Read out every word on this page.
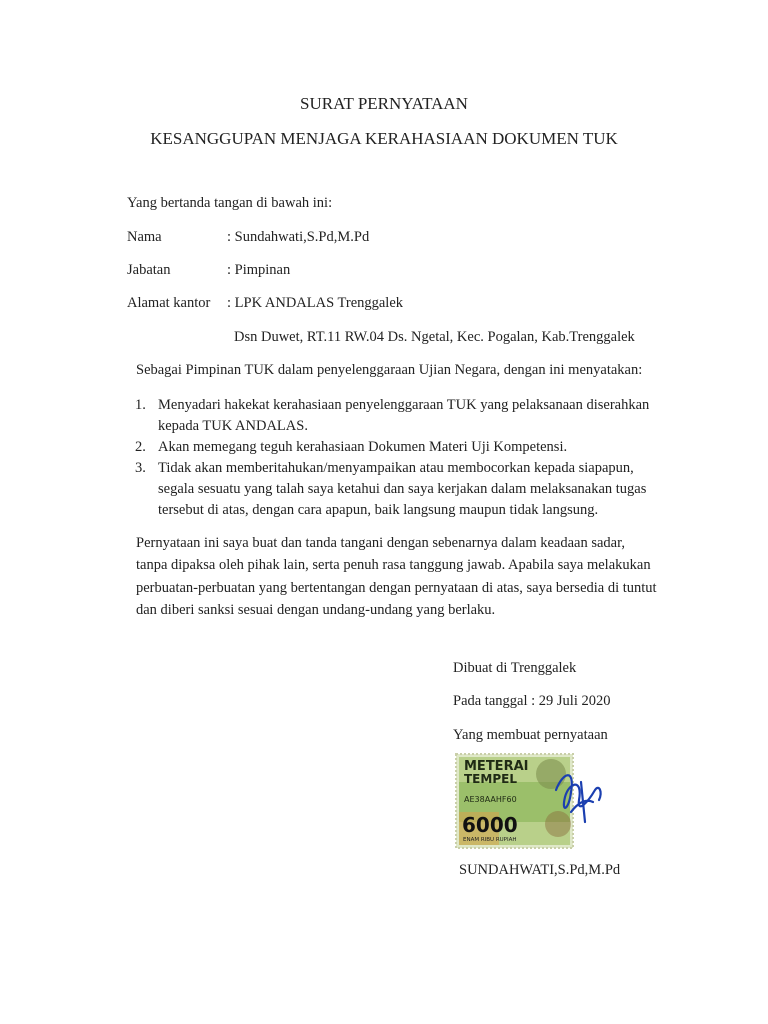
SURAT PERNYATAAN
KESANGGUPAN MENJAGA KERAHASIAAN DOKUMEN TUK
Yang bertanda tangan di bawah ini:
Nama	: Sundahwati,S.Pd,M.Pd
Jabatan	: Pimpinan
Alamat kantor : LPK ANDALAS Trenggalek
Dsn Duwet, RT.11 RW.04 Ds. Ngetal, Kec. Pogalan, Kab.Trenggalek
Sebagai Pimpinan TUK dalam penyelenggaraan Ujian Negara, dengan ini menyatakan:
1. Menyadari hakekat kerahasiaan penyelenggaraan TUK yang pelaksanaan diserahkan
kepada TUK ANDALAS.
2. Akan memegang teguh kerahasiaan Dokumen Materi Uji Kompetensi.
3. Tidak akan memberitahukan/menyampaikan atau membocorkan kepada siapapun,
segala sesuatu yang talah saya ketahui dan saya kerjakan dalam melaksanakan tugas
tersebut di atas, dengan cara apapun, baik langsung maupun tidak langsung.
Pernyataan ini saya buat dan tanda tangani dengan sebenarnya dalam keadaan sadar,
tanpa dipaksa oleh pihak lain, serta penuh rasa tanggung jawab. Apabila saya melakukan
perbuatan-perbuatan yang bertentangan dengan pernyataan di atas, saya bersedia di tuntut
dan diberi sanksi sesuai dengan undang-undang yang berlaku.
Dibuat di Trenggalek
Pada tanggal : 29 Juli 2020
Yang membuat pernyataan
METERAI
TEMPEL
AE38AAHF60
6000
ENAM RIBU RUPIAH
SUNDAHWATI,S.Pd,M.Pd
